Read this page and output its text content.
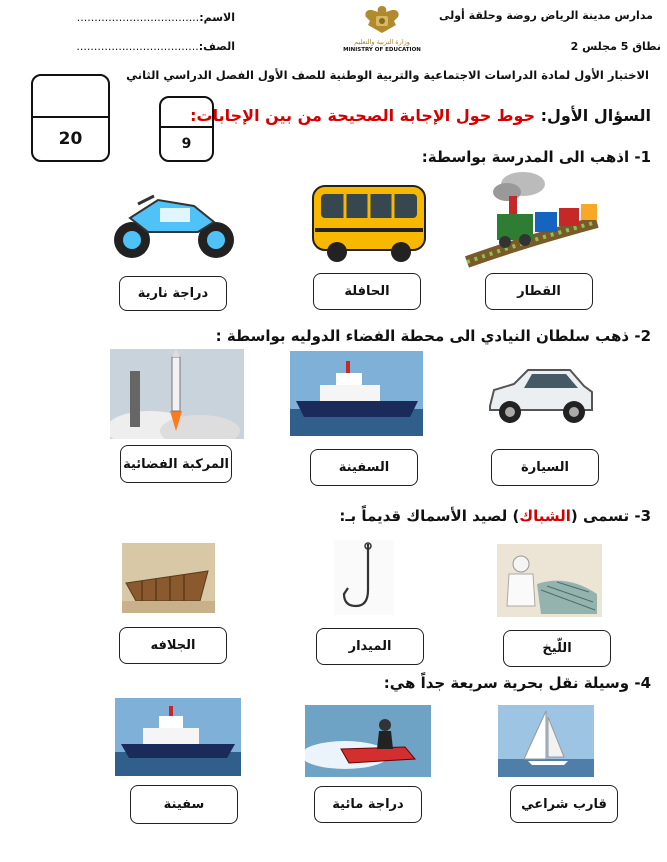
مدارس مدينة الرياض روضة وحلقة أولى
نطاق 5 مجلس 2
الاسم:...................................
الصف:...................................	وزارة التربية والتعليم
MINISTRY OF EDUCATION
الاختبار الأول لمادة الدراسات الاجتماعية والتربية الوطنية للصف الأول الفصل الدراسي الثاني
20	9
السؤال الأول: حوط حول الإجابة الصحيحة من بين الإجابات:
1- اذهب الى المدرسة بواسطة:
القطار
الحافلة
دراجة نارية
2- ذهب سلطان النيادي الى محطة الفضاء الدوليه بواسطة :
السيارة
السفينة
المركبة الفضائية
3- تسمى (الشباك) لصيد الأسماك قديماً بـ:
اللّيخ
الميدار
الجلافه
4- وسيلة نقل بحرية سريعة جداً هي:
قارب شراعي
دراجة مائية
سفينة
